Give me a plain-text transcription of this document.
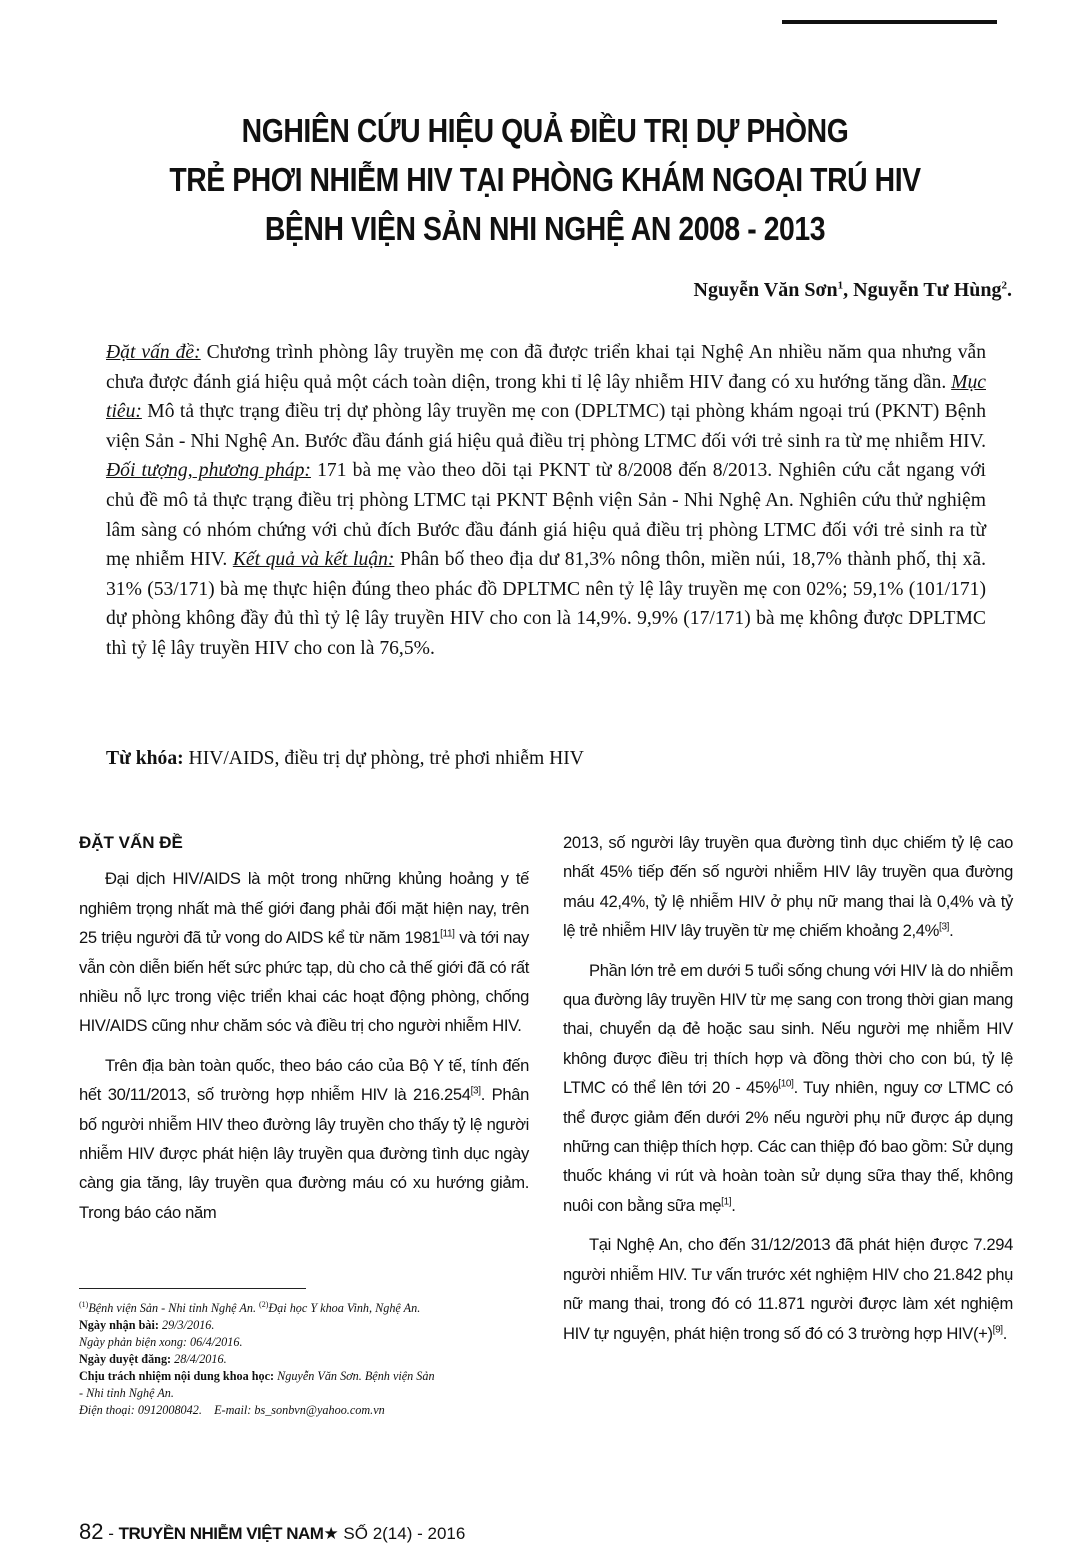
NGHIÊN CỨU HIỆU QUẢ ĐIỀU TRỊ DỰ PHÒNG
TRẺ PHƠI NHIỄM HIV TẠI PHÒNG KHÁM NGOẠI TRÚ HIV
BỆNH VIỆN SẢN NHI NGHỆ AN 2008 - 2013
Nguyễn Văn Sơn$^1$, Nguyễn Tư Hùng$^2$.

Đặt vấn đề: Chương trình phòng lây truyền mẹ con đã được triển khai tại Nghệ An nhiều năm qua nhưng vẫn chưa được đánh giá hiệu quả một cách toàn diện, trong khi tỉ lệ lây nhiễm HIV đang có xu hướng tăng dần. Mục tiêu: Mô tả thực trạng điều trị dự phòng lây truyền mẹ con (DPLTMC) tại phòng khám ngoại trú (PKNT) Bệnh viện Sản - Nhi Nghệ An. Bước đầu đánh giá hiệu quả điều trị phòng LTMC đối với trẻ sinh ra từ mẹ nhiễm HIV. Đối tượng, phương pháp: 171 bà mẹ vào theo dõi tại PKNT từ 8/2008 đến 8/2013. Nghiên cứu cắt ngang với chủ đề mô tả thực trạng điều trị phòng LTMC tại PKNT Bệnh viện Sản - Nhi Nghệ An. Nghiên cứu thử nghiệm lâm sàng có nhóm chứng với chủ đích Bước đầu đánh giá hiệu quả điều trị phòng LTMC đối với trẻ sinh ra từ mẹ nhiễm HIV. Kết quả và kết luận: Phân bố theo địa dư 81,3% nông thôn, miền núi, 18,7% thành phố, thị xã. 31% (53/171) bà mẹ thực hiện đúng theo phác đồ DPLTMC nên tỷ lệ lây truyền mẹ con 02%; 59,1% (101/171) dự phòng không đầy đủ thì tỷ lệ lây truyền HIV cho con là 14,9%. 9,9% (17/171) bà mẹ không được DPLTMC thì tỷ lệ lây truyền HIV cho con là 76,5%.

Từ khóa: HIV/AIDS, điều trị dự phòng, trẻ phơi nhiễm HIV
ĐẶT VẤN ĐỀ

Đại dịch HIV/AIDS là một trong những khủng hoảng y tế nghiêm trọng nhất mà thế giới đang phải đối mặt hiện nay, trên 25 triệu người đã tử vong do AIDS kể từ năm 1981[11] và tới nay vẫn còn diễn biến hết sức phức tạp, dù cho cả thế giới đã có rất nhiều nỗ lực trong việc triển khai các hoạt động phòng, chống HIV/AIDS cũng như chăm sóc và điều trị cho người nhiễm HIV.

Trên địa bàn toàn quốc, theo báo cáo của Bộ Y tế, tính đến hết 30/11/2013, số trường hợp nhiễm HIV là 216.254[3]. Phân bố người nhiễm HIV theo đường lây truyền cho thấy tỷ lệ người nhiễm HIV được phát hiện lây truyền qua đường tình dục ngày càng gia tăng, lây truyền qua đường máu có xu hướng giảm. Trong báo cáo năm

2013, số người lây truyền qua đường tình dục chiếm tỷ lệ cao nhất 45% tiếp đến số người nhiễm HIV lây truyền qua đường máu 42,4%, tỷ lệ nhiễm HIV ở phụ nữ mang thai là 0,4% và tỷ lệ trẻ nhiễm HIV lây truyền từ mẹ chiếm khoảng 2,4%[3].

Phần lớn trẻ em dưới 5 tuổi sống chung với HIV là do nhiễm qua đường lây truyền HIV từ mẹ sang con trong thời gian mang thai, chuyển dạ đẻ hoặc sau sinh. Nếu người mẹ nhiễm HIV không được điều trị thích hợp và đồng thời cho con bú, tỷ lệ LTMC có thể lên tới 20 - 45%[10]. Tuy nhiên, nguy cơ LTMC có thể được giảm đến dưới 2% nếu người phụ nữ được áp dụng những can thiệp thích hợp. Các can thiệp đó bao gồm: Sử dụng thuốc kháng vi rút và hoàn toàn sử dụng sữa thay thế, không nuôi con bằng sữa mẹ[1].

Tại Nghệ An, cho đến 31/12/2013 đã phát hiện được 7.294 người nhiễm HIV. Tư vấn trước xét nghiệm HIV cho 21.842 phụ nữ mang thai, trong đó có 11.871 người được làm xét nghiệm HIV tự nguyện, phát hiện trong số đó có 3 trường hợp HIV(+)[9].

$^{(1)}$Bệnh viện Sản - Nhi tỉnh Nghệ An. $^{(2)}$Đại học Y khoa Vinh, Nghệ An.
Ngày nhận bài: 29/3/2016.
Ngày phản biện xong: 06/4/2016.
Ngày duyệt đăng: 28/4/2016.
Chịu trách nhiệm nội dung khoa học: Nguyễn Văn Sơn. Bệnh viện Sản
- Nhi tỉnh Nghệ An.
Điện thoại: 0912008042. E-mail: bs_sonbvn@yahoo.com.vn
82 - TRUYỀN NHIỄM VIỆT NAM★ SỐ 2(14) - 2016
